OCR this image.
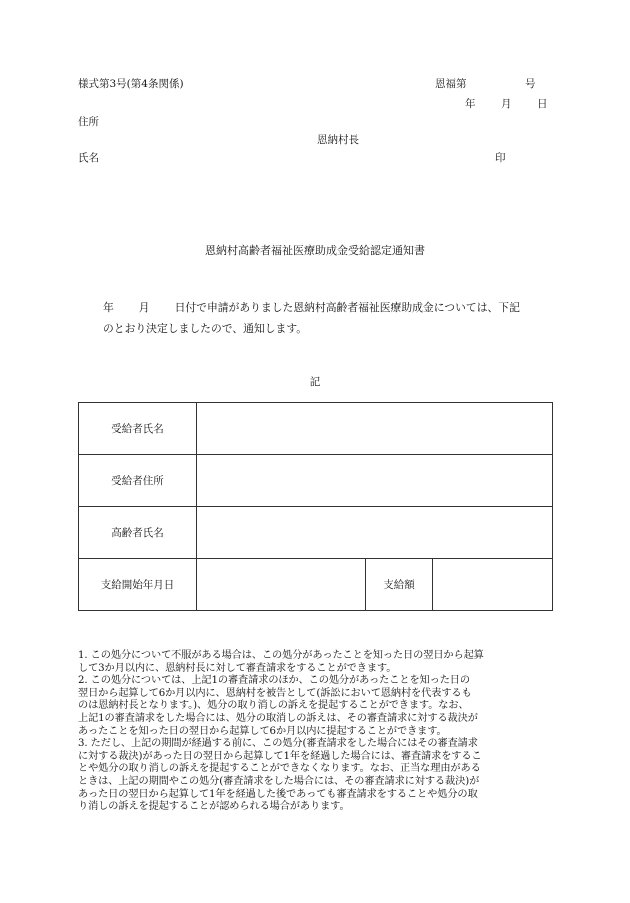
様式第3号(第4条関係)	恩福第	号
年 月 日
住所
恩納村長
氏名	印
恩納村高齢者福祉医療助成金受給認定通知書
年 月 日付で申請がありました恩納村高齢者福祉医療助成金については、下記
のとおり決定しましたので、通知します。
記
受給者氏名			
受給者住所			
高齢者氏名			
支給開始年月日		支給額	
1. この処分について不服がある場合は、この処分があったことを知った日の翌日から起算
して3か月以内に、恩納村長に対して審査請求をすることができます。
2. この処分については、上記1の審査請求のほか、この処分があったことを知った日の
翌日から起算して6か月以内に、恩納村を被告として(訴訟において恩納村を代表するも
のは恩納村長となります。)、処分の取り消しの訴えを提起することができます。なお、
上記1の審査請求をした場合には、処分の取消しの訴えは、その審査請求に対する裁決が
あったことを知った日の翌日から起算して6か月以内に提起することができます。
3. ただし、上記の期間が経過する前に、この処分(審査請求をした場合にはその審査請求
に対する裁決)があった日の翌日から起算して1年を経過した場合には、審査請求をするこ
とや処分の取り消しの訴えを提起することができなくなります。なお、正当な理由がある
ときは、上記の期間やこの処分(審査請求をした場合には、その審査請求に対する裁決)が
あった日の翌日から起算して1年を経過した後であっても審査請求をすることや処分の取
り消しの訴えを提起することが認められる場合があります。
